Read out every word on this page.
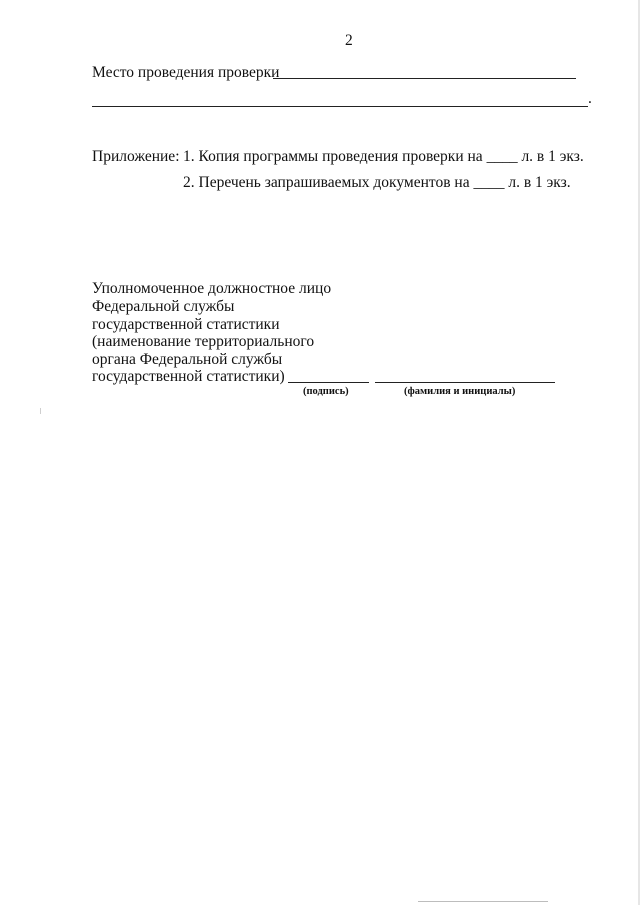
2
Место проведения проверки
.
Приложение: 1. Копия программы проведения проверки на ____ л. в 1 экз.
2. Перечень запрашиваемых документов на ____ л. в 1 экз.
Уполномоченное должностное лицо
Федеральной службы
государственной статистики
(наименование территориального
органа Федеральной службы
государственной статистики)
(подпись)	(фамилия и инициалы)
